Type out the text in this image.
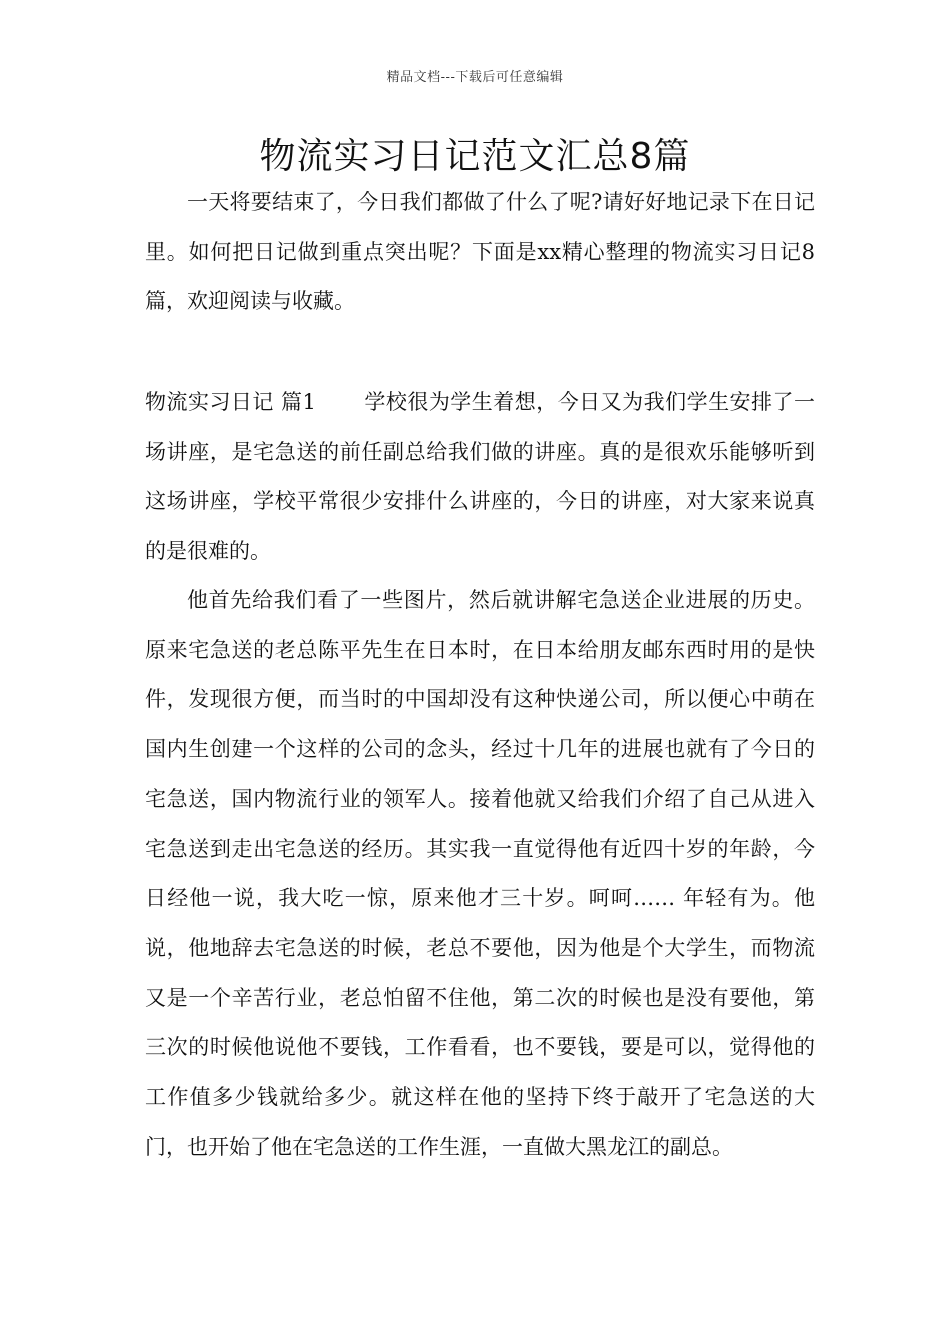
精品文档---下载后可任意编辑
物流实习日记范文汇总8篇

一天将要结束了，今日我们都做了什么了呢?请好好地记录下在日记里。如何把日记做到重点突出呢？下面是xx精心整理的物流实习日记8篇，欢迎阅读与收藏。

物流实习日记 篇1 学校很为学生着想，今日又为我们学生安排了一场讲座，是宅急送的前任副总给我们做的讲座。真的是很欢乐能够听到这场讲座，学校平常很少安排什么讲座的，今日的讲座，对大家来说真的是很难的。

他首先给我们看了一些图片，然后就讲解宅急送企业进展的历史。原来宅急送的老总陈平先生在日本时，在日本给朋友邮东西时用的是快件，发现很方便，而当时的中国却没有这种快递公司，所以便心中萌在国内生创建一个这样的公司的念头，经过十几年的进展也就有了今日的宅急送，国内物流行业的领军人。接着他就又给我们介绍了自己从进入宅急送到走出宅急送的经历。其实我一直觉得他有近四十岁的年龄，今日经他一说，我大吃一惊，原来他才三十岁。呵呵…… 年轻有为。他说，他地辞去宅急送的时候，老总不要他，因为他是个大学生，而物流又是一个辛苦行业，老总怕留不住他，第二次的时候也是没有要他，第三次的时候他说他不要钱，工作看看，也不要钱，要是可以，觉得他的工作值多少钱就给多少。就这样在他的坚持下终于敲开了宅急送的大门，也开始了他在宅急送的工作生涯，一直做大黑龙江的副总。
